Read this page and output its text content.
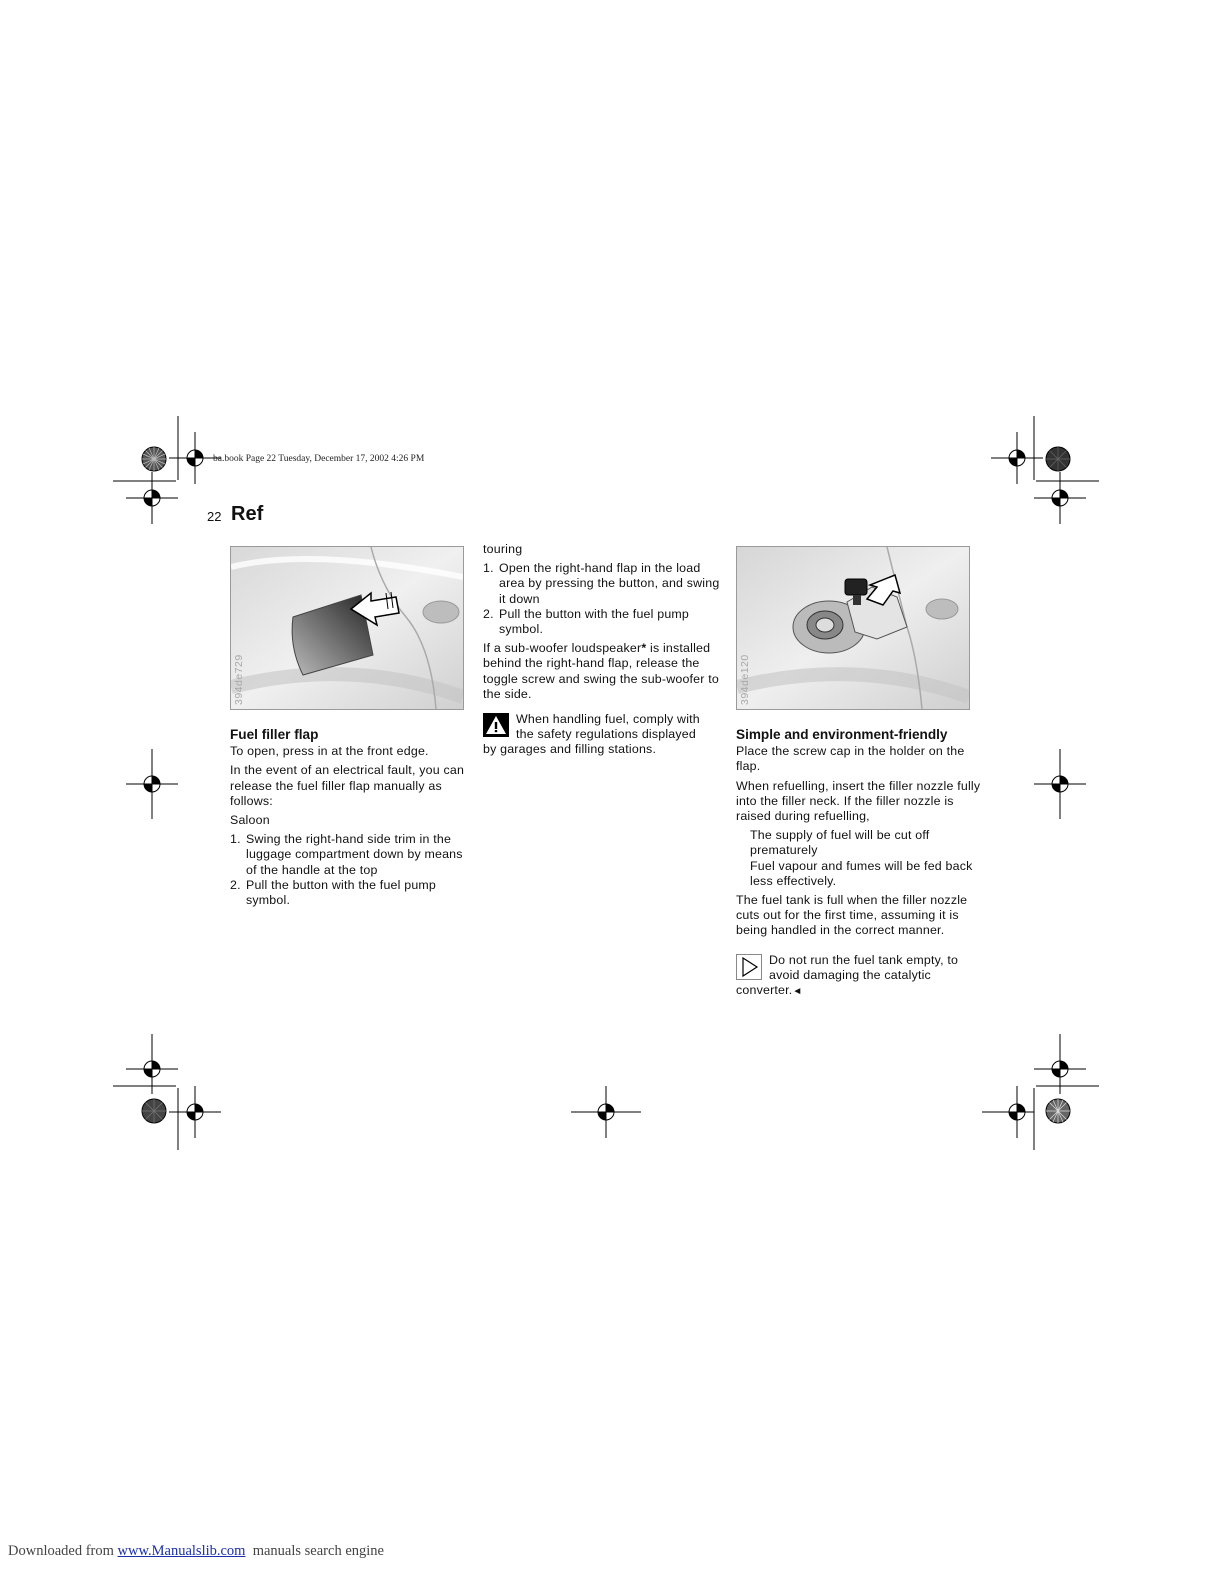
ba.book Page 22 Tuesday, December 17, 2002 4:26 PM
22 Ref
394de729	394de120
Fuel filler flap

To open, press in at the front edge.

In the event of an electrical fault, you can release the fuel filler flap manually as follows:

Saloon

1. Swing the right-hand side trim in the luggage compartment down by means of the handle at the top
2. Pull the button with the fuel pump symbol.

touring

1. Open the right-hand flap in the load area by pressing the button, and swing it down
2. Pull the button with the fuel pump symbol.

If a sub-woofer loudspeaker* is installed behind the right-hand flap, release the toggle screw and swing the sub-woofer to the side.

When handling fuel, comply with
the safety regulations displayed
by garages and filling stations.
Simple and environment-friendly

Place the screw cap in the holder on the flap.

When refuelling, insert the filler nozzle fully into the filler neck. If the filler nozzle is raised during refuelling,

The supply of fuel will be cut off prematurely

Fuel vapour and fumes will be fed back less effectively.

The fuel tank is full when the filler nozzle cuts out for the first time, assuming it is being handled in the correct manner.

Do not run the fuel tank empty, to
avoid damaging the catalytic
converter.◄
Downloaded from www.Manualslib.com  manuals search engine
